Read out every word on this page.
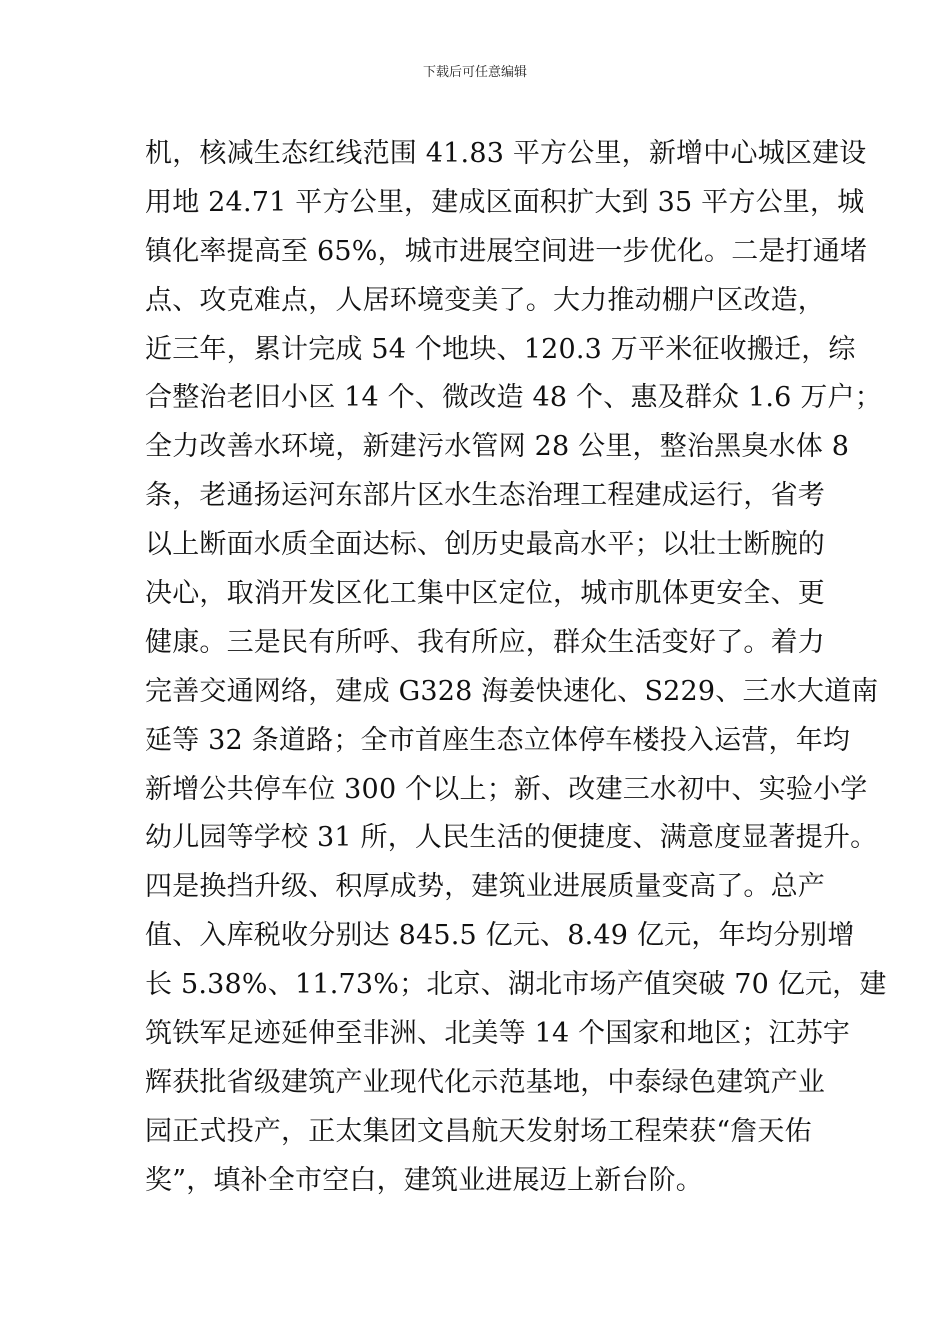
下载后可任意编辑
机，核减生态红线范围 41.83 平方公里，新增中心城区建设
用地 24.71 平方公里，建成区面积扩大到 35 平方公里，城
镇化率提高至 65%，城市进展空间进一步优化。二是打通堵
点、攻克难点，人居环境变美了。大力推动棚户区改造，
近三年，累计完成 54 个地块、120.3 万平米征收搬迁，综
合整治老旧小区 14 个、微改造 48 个、惠及群众 1.6 万户；
全力改善水环境，新建污水管网 28 公里，整治黑臭水体 8
条，老通扬运河东部片区水生态治理工程建成运行，省考
以上断面水质全面达标、创历史最高水平；以壮士断腕的
决心，取消开发区化工集中区定位，城市肌体更安全、更
健康。三是民有所呼、我有所应，群众生活变好了。着力
完善交通网络，建成 G328 海姜快速化、S229、三水大道南
延等 32 条道路；全市首座生态立体停车楼投入运营，年均
新增公共停车位 300 个以上；新、改建三水初中、实验小学
幼儿园等学校 31 所，人民生活的便捷度、满意度显著提升。
四是换挡升级、积厚成势，建筑业进展质量变高了。总产
值、入库税收分别达 845.5 亿元、8.49 亿元，年均分别增
长 5.38%、11.73%；北京、湖北市场产值突破 70 亿元，建
筑铁军足迹延伸至非洲、北美等 14 个国家和地区；江苏宇
辉获批省级建筑产业现代化示范基地，中泰绿色建筑产业
园正式投产，正太集团文昌航天发射场工程荣获“詹天佑
奖”，填补全市空白，建筑业进展迈上新台阶。
